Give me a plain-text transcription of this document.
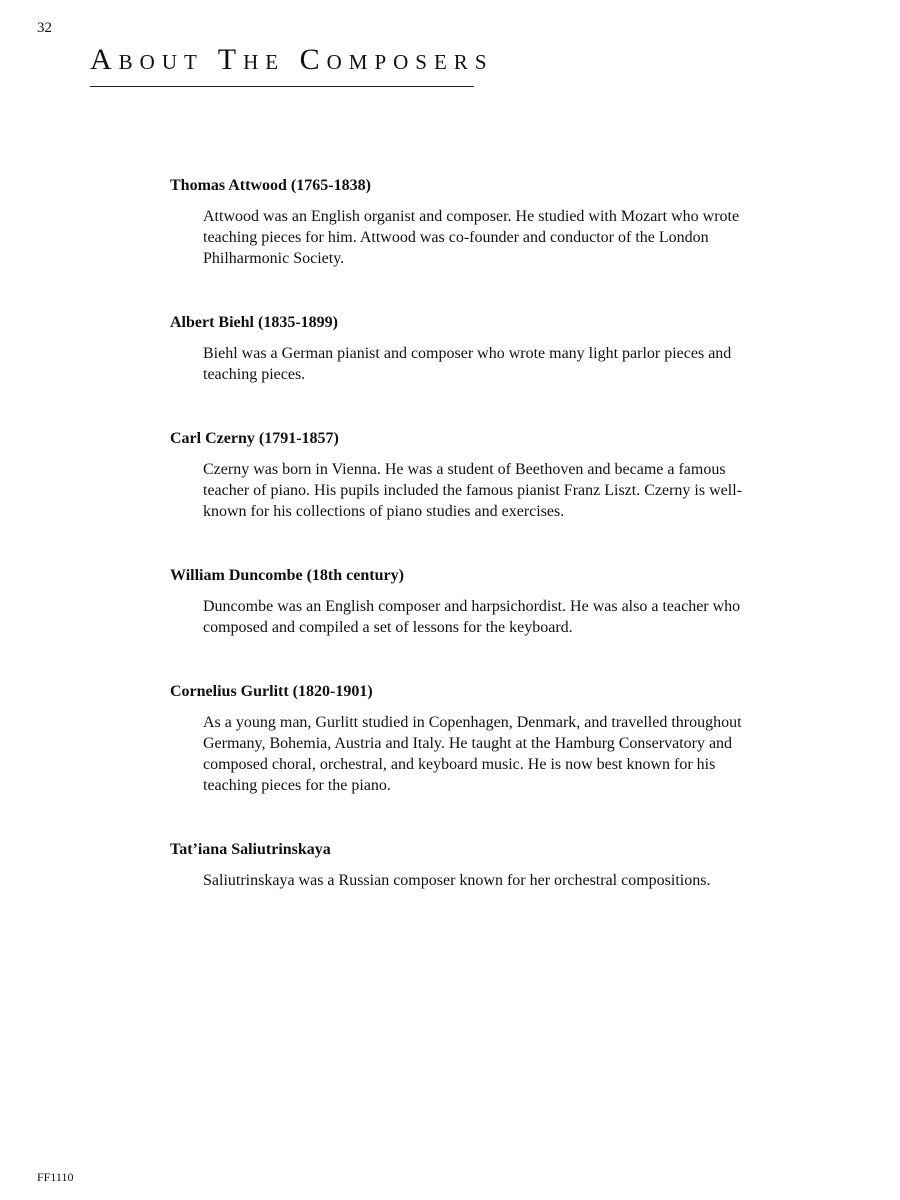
32
About The Composers

Thomas Attwood (1765-1838)

Attwood was an English organist and composer. He studied with Mozart who wrote teaching pieces for him. Attwood was co-founder and conductor of the London Philharmonic Society.

Albert Biehl (1835-1899)

Biehl was a German pianist and composer who wrote many light parlor pieces and teaching pieces.

Carl Czerny (1791-1857)

Czerny was born in Vienna. He was a student of Beethoven and became a famous teacher of piano. His pupils included the famous pianist Franz Liszt. Czerny is well-known for his collections of piano studies and exercises.

William Duncombe (18th century)

Duncombe was an English composer and harpsichordist. He was also a teacher who composed and compiled a set of lessons for the keyboard.

Cornelius Gurlitt (1820-1901)

As a young man, Gurlitt studied in Copenhagen, Denmark, and travelled throughout Germany, Bohemia, Austria and Italy. He taught at the Hamburg Conservatory and composed choral, orchestral, and keyboard music. He is now best known for his teaching pieces for the piano.

Tat’iana Saliutrinskaya

Saliutrinskaya was a Russian composer known for her orchestral compositions.

FF1110
